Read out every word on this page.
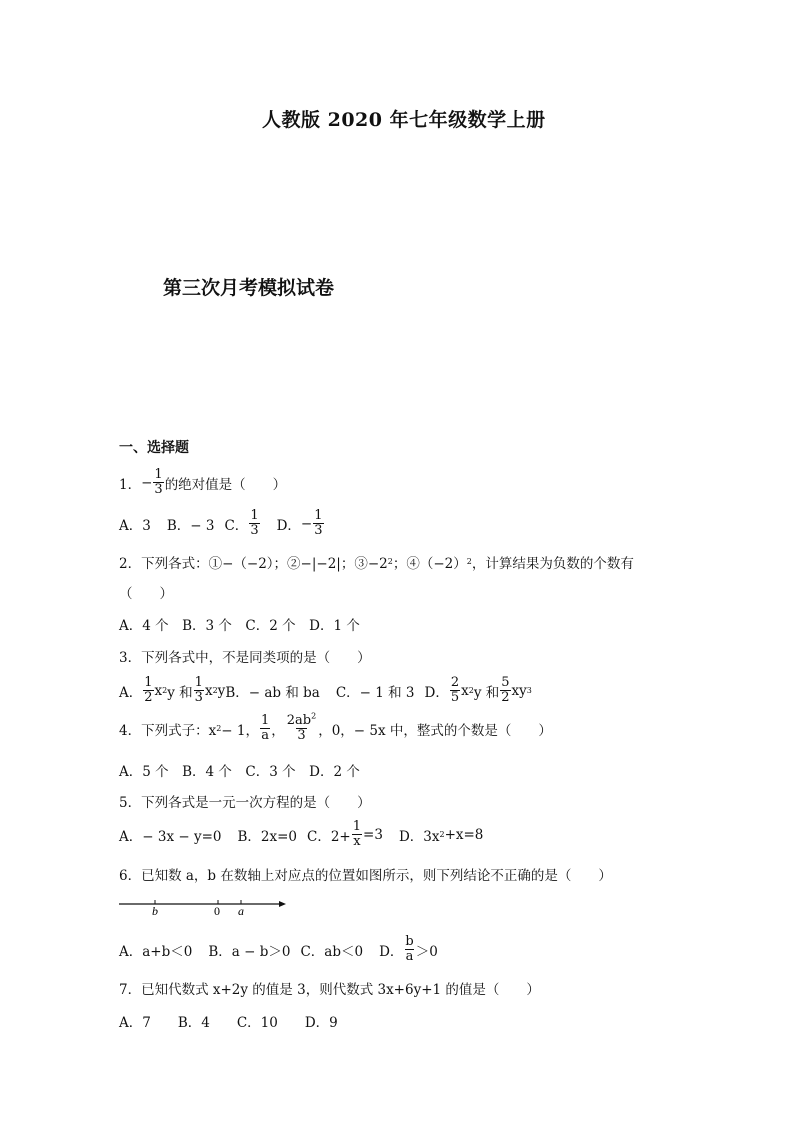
人教版 2020 年七年级数学上册
第三次月考模拟试卷
一、选择题
1． − $\frac{1}{3}$ 的绝对值是（　　）
A．3 B．− 3 C． $\frac{1}{3}$ D． − $\frac{1}{3}$
2．下列各式：①−（−2）；②−|−2|；③−2 2 ；④（−2） 2 ，计算结果为负数的个数有
（　　）
A．4 个　B．3 个　C．2 个　D．1 个
3．下列各式中，不是同类项的是（　　）
A． $\frac{1}{2}$ x 2 y 和 $\frac{1}{3}$ x 2 y B．− ab 和 ba C．− 1 和 3 D． $\frac{2}{5}$ x 2 y 和 $\frac{5}{2}$ xy 3
4．下列式子：x 2 − 1， $\frac{1}{a}$ ， $\frac{2ab^2}{3}$ ，0，− 5x 中，整式的个数是（　　）
A．5 个　B．4 个　C．3 个　D．2 个
5．下列各式是一元一次方程的是（　　）
A．− 3x − y=0 B．2x=0 C．$2+ \frac{1}{x} =3$ D．3x 2 +x=8
6．已知数 a，b 在数轴上对应点的位置如图所示，则下列结论不正确的是（　　）
b	0 a
A．a+b＜0 B．a − b＞0 C．ab＜0 D． $\frac{b}{a} >0$
7．已知代数式 x+2y 的值是 3，则代数式 3x+6y+1 的值是（　　）
A．7　　B．4　　C．10　　D．9
